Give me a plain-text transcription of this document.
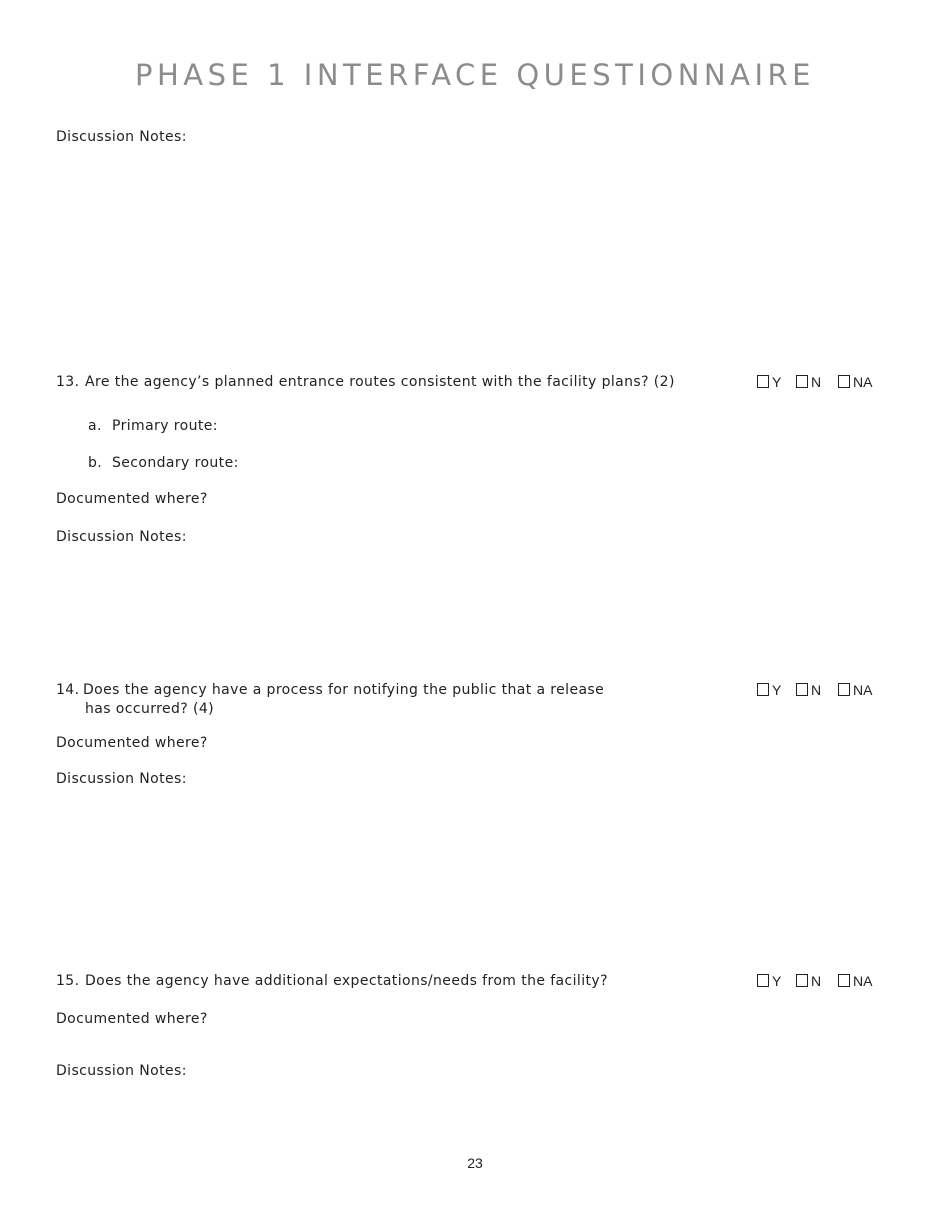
PHASE 1 INTERFACE QUESTIONNAIRE
Discussion Notes:
13. Are the agency’s planned entrance routes consistent with the facility plans? (2)	Y N NA
a. Primary route:
b. Secondary route:
Documented where?
Discussion Notes:
14. Does the agency have a process for notifying the public that a release
has occurred? (4)
Y N NA
Documented where?
Discussion Notes:
15. Does the agency have additional expectations/needs from the facility?	Y N NA
Documented where?
Discussion Notes:
23
